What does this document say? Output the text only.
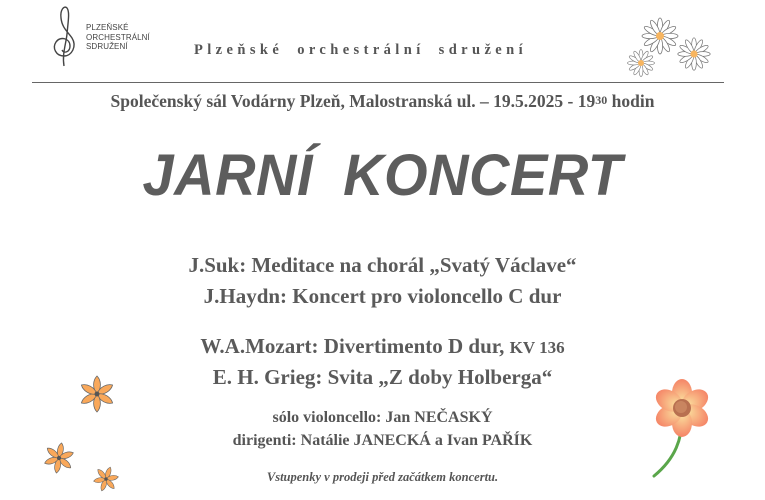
PLZEŇSKÉ
ORCHESTRÁLNÍ
SDRUŽENÍ	Plzeňské orchestrální sdružení
Společenský sál Vodárny Plzeň, Malostranská ul. – $19.5.2025 - 19^{30}$ hodin
JARNÍ KONCERT
J.Suk: Meditace na chorál „Svatý Václave“
J.Haydn: Koncert pro violoncello C dur
W.A.Mozart: Divertimento D dur, KV 136
E. H. Grieg: Svita „Z doby Holberga“
sólo violoncello: Jan NEČASKÝ
dirigenti: Natálie JANECKÁ a Ivan PAŘÍK
Vstupenky v prodeji před začátkem koncertu.
